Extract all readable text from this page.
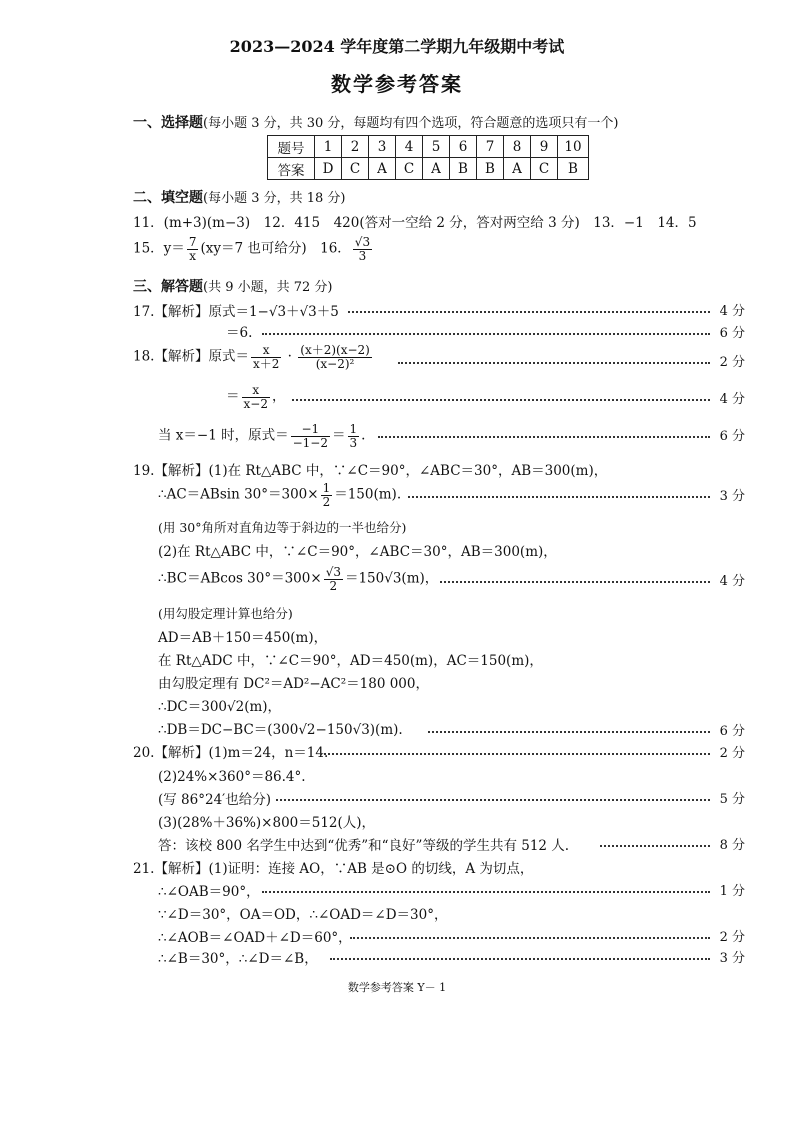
2023—2024 学年度第二学期九年级期中考试
数学参考答案
一、选择题(每小题 3 分，共 30 分，每题均有四个选项，符合题意的选项只有一个)
题号	1	2	3	4	5	6	7	8	9	10
答案	D	C	A	C	A	B	B	A	C	B
二、填空题(每小题 3 分，共 18 分)
11．(m+3)(m−3)　12．415　420(答对一空给 2 分，答对两空给 3 分)　13．−1　14．5
15．$y= \frac{7}{x} (xy=7$ 也可给分)　16． $\frac{√3}{3}$
三、解答题(共 9 小题，共 72 分)
17.【解析】原式＝1−√3＋√3＋5	4 分
＝6.	6 分
18.【解析】原式＝ $\frac{x}{x+2} \cdot \frac{(x+2)(x-2)}{\text{(x−2)²}}$	2 分
＝ $\frac{x}{x-2}$ ，	4 分
当 x＝−1 时，原式＝ $\frac{-1}{-1-2} = \frac{1}{3}$ .	6 分
19.【解析】(1)在 Rt△ABC 中，∵∠C＝90°，∠ABC＝30°，AB＝300(m)，
∴AC＝ABsin $30^\circ=300\times \frac{1}{2} =150(m)$.	3 分
(用 30°角所对直角边等于斜边的一半也给分)
(2)在 Rt△ABC 中，∵∠C＝90°，∠ABC＝30°，AB＝300(m)，
∴BC＝ABcos $30^\circ=300\times \frac{√3}{2} =150√3(m)$，	4 分
(用勾股定理计算也给分)
AD＝AB＋150＝450(m)，
在 Rt△ADC 中，∵∠C＝90°，AD＝450(m)，AC＝150(m)，
由勾股定理有 DC²＝AD²−AC²＝180 000，
∴DC＝300√2(m)，
∴DB＝DC−BC＝(300√2−150√3)(m).	6 分
20.【解析】(1)m＝24，n＝14.	2 分
(2)24%×360°＝86.4°.
(写 86°24′也给分)	5 分
(3)(28%＋36%)×800＝512(人)，
答：该校 800 名学生中达到“优秀”和“良好”等级的学生共有 512 人.	8 分
21.【解析】(1)证明：连接 AO，∵AB 是⊙O 的切线，A 为切点，
∴∠OAB＝90°，	1 分
∵∠D＝30°，OA＝OD，∴∠OAD＝∠D＝30°，
∴∠AOB＝∠OAD＋∠D＝60°，	2 分
∴∠B＝30°，∴∠D＝∠B，	3 分
数学参考答案 Y－ 1
